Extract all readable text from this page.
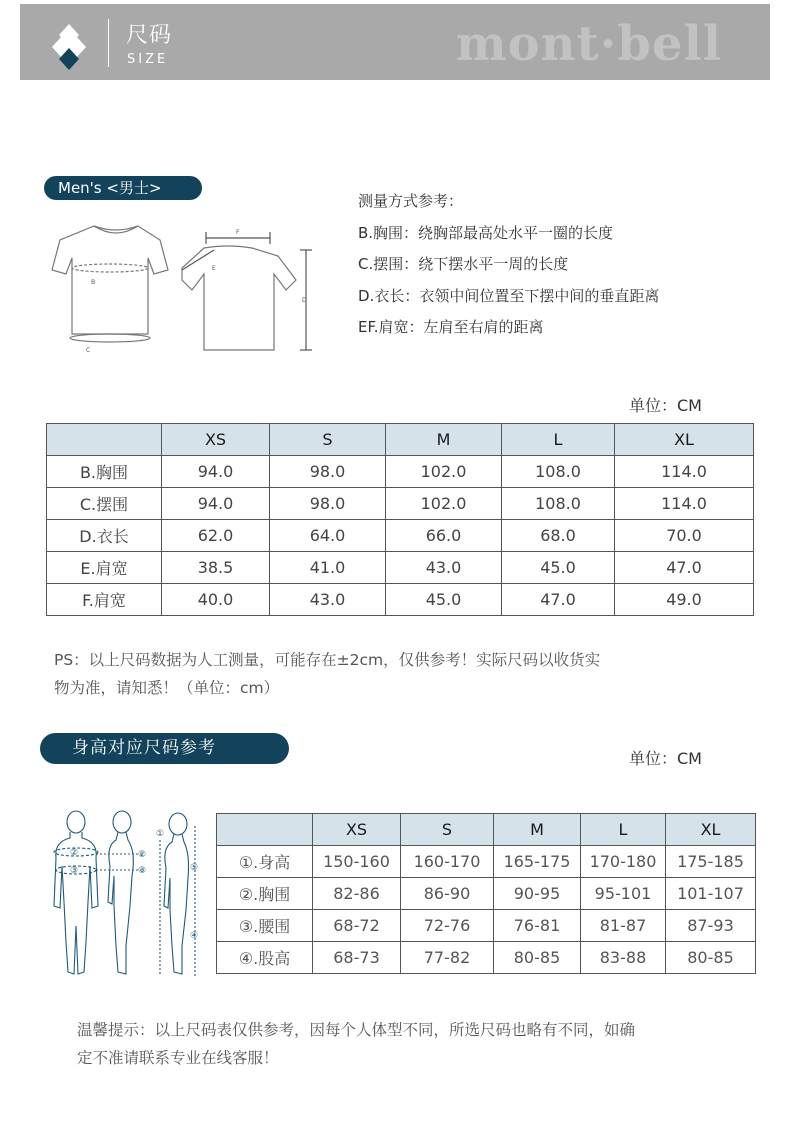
尺码
SIZE	mont·bell
Men's <男士>
B
C
F
E
D
测量方式参考：
B.胸围：绕胸部最高处水平一圈的长度
C.摆围：绕下摆水平一周的长度
D.衣长：衣领中间位置至下摆中间的垂直距离
EF.肩宽：左肩至右肩的距离
单位：CM
	XS	S	M	L	XL
B.胸围	94.0	98.0	102.0	108.0	114.0
C.摆围	94.0	98.0	102.0	108.0	114.0
D.衣长	62.0	64.0	66.0	68.0	70.0
E.肩宽	38.5	41.0	43.0	45.0	47.0
F.肩宽	40.0	43.0	45.0	47.0	49.0
PS：以上尺码数据为人工测量，可能存在±2cm，仅供参考！实际尺码以收货实
物为准，请知悉！（单位：cm）
身高对应尺码参考
单位：CM
①
②	②
③	③	⑤
④
	XS	S	M	L	XL
①.身高	150-160	160-170	165-175	170-180	175-185
②.胸围	82-86	86-90	90-95	95-101	101-107
③.腰围	68-72	72-76	76-81	81-87	87-93
④.股高	68-73	77-82	80-85	83-88	80-85
温馨提示：以上尺码表仅供参考，因每个人体型不同，所选尺码也略有不同，如确
定不准请联系专业在线客服！
